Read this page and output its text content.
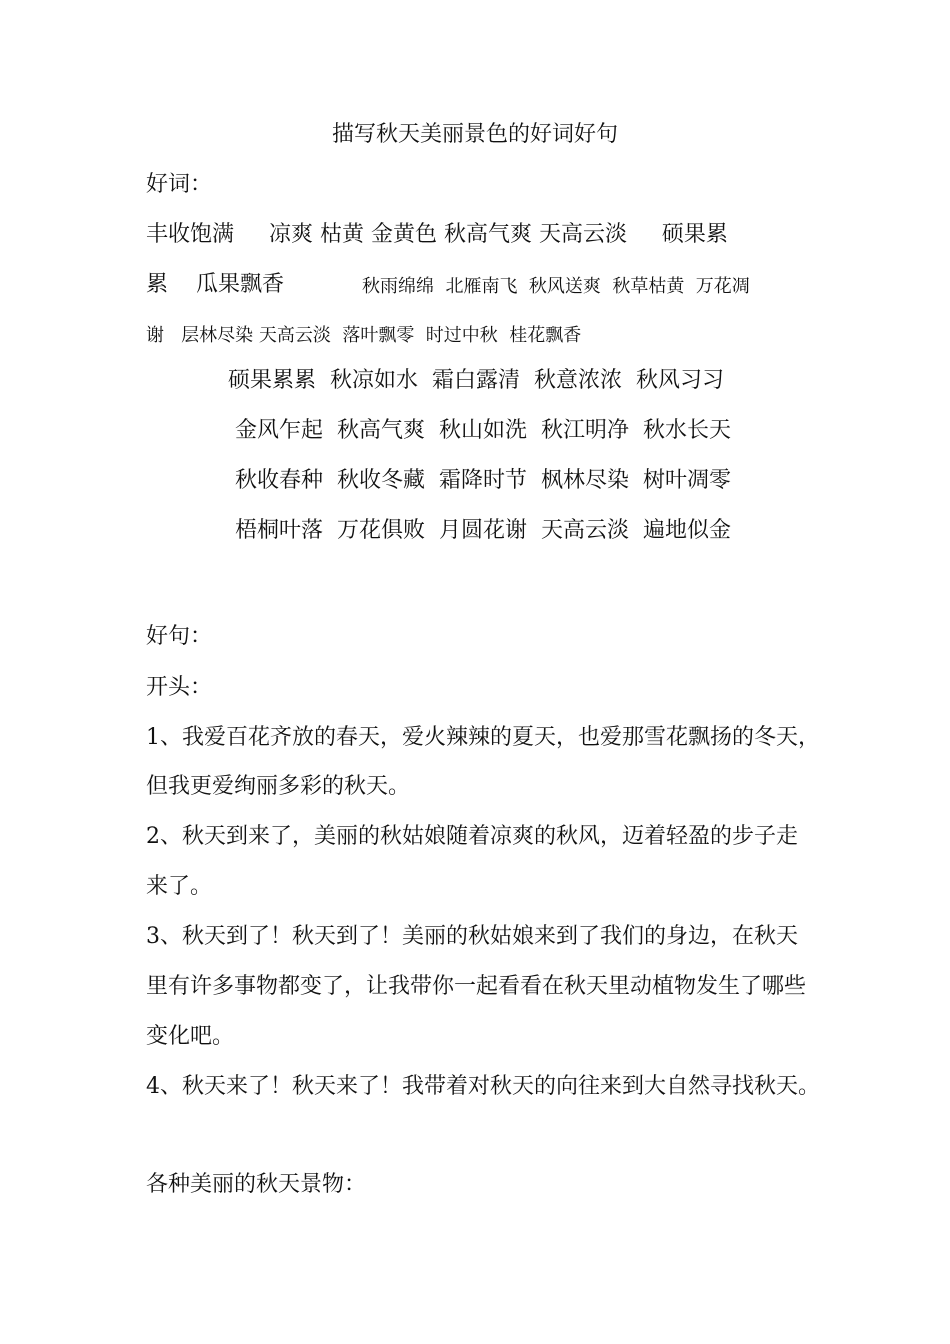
描写秋天美丽景色的好词好句
好词：
丰收饱满     凉爽 枯黄 金黄色 秋高气爽 天高云淡     硕果累
累    瓜果飘香	秋雨绵绵  北雁南飞  秋风送爽  秋草枯黄  万花凋
谢   层林尽染 天高云淡  落叶飘零  时过中秋  桂花飘香
硕果累累  秋凉如水  霜白露清  秋意浓浓  秋风习习
金风乍起  秋高气爽  秋山如洗  秋江明净  秋水长天
秋收春种  秋收冬藏  霜降时节  枫林尽染  树叶凋零
梧桐叶落  万花俱败  月圆花谢  天高云淡  遍地似金
好句：
开头：
1、我爱百花齐放的春天，爱火辣辣的夏天，也爱那雪花飘扬的冬天，
但我更爱绚丽多彩的秋天。
2、秋天到来了，美丽的秋姑娘随着凉爽的秋风，迈着轻盈的步子走
来了。
3、秋天到了！秋天到了！美丽的秋姑娘来到了我们的身边，在秋天
里有许多事物都变了，让我带你一起看看在秋天里动植物发生了哪些
变化吧。
4、秋天来了！秋天来了！我带着对秋天的向往来到大自然寻找秋天。
各种美丽的秋天景物：
